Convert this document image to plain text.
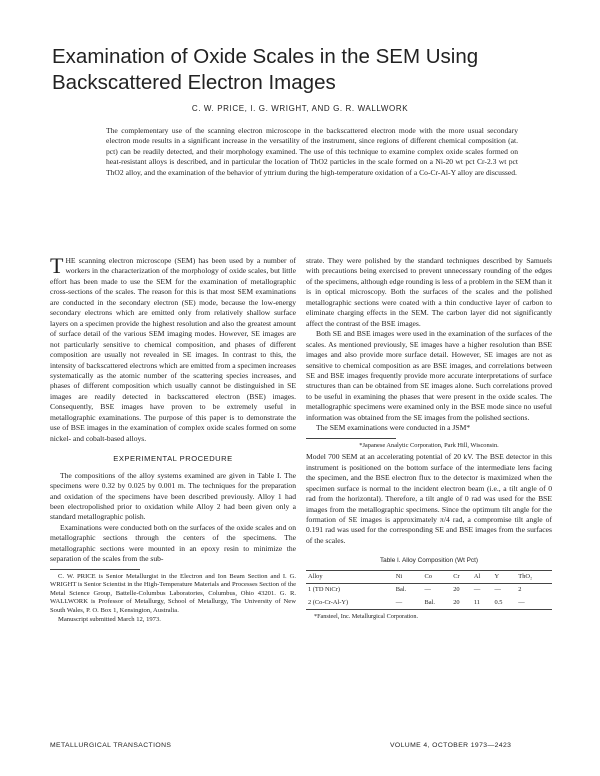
Examination of Oxide Scales in the SEM Using Backscattered Electron Images
C. W. PRICE, I. G. WRIGHT, AND G. R. WALLWORK
The complementary use of the scanning electron microscope in the backscattered electron mode with the more usual secondary electron mode results in a significant increase in the versatility of the instrument, since regions of different chemical composition (at. pct) can be readily detected, and their morphology examined. The use of this technique to examine complex oxide scales formed on heat-resistant alloys is described, and in particular the location of ThO2 particles in the scale formed on a Ni-20 wt pct Cr-2.3 wt pct ThO2 alloy, and the examination of the behavior of yttrium during the high-temperature oxidation of a Co-Cr-Al-Y alloy are discussed.

THE scanning electron microscope (SEM) has been used by a number of workers in the characterization of the morphology of oxide scales, but little effort has been made to use the SEM for the examination of metallographic cross-sections of the scales. The reason for this is that most SEM examinations are conducted in the secondary electron (SE) mode, because the low-energy secondary electrons which are emitted only from relatively shallow surface layers on a specimen provide the highest resolution and also the greatest amount of surface detail of the various SEM imaging modes. However, SE images are not particularly sensitive to chemical composition, and phases of different composition are usually not revealed in SE images. In contrast to this, the intensity of backscattered electrons which are emitted from a specimen increases systematically as the atomic number of the scattering species increases, and phases of different composition which usually cannot be distinguished in SE images are readily detected in backscattered electron (BSE) images. Consequently, BSE images have proven to be extremely useful in metallographic examinations. The purpose of this paper is to demonstrate the use of BSE images in the examination of complex oxide scales formed on some nickel- and cobalt-based alloys.

EXPERIMENTAL PROCEDURE

The compositions of the alloy systems examined are given in Table I. The specimens were 0.32 by 0.025 by 0.001 m. The techniques for the preparation and oxidation of the specimens have been described previously. Alloy 1 had been electropolished prior to oxidation while Alloy 2 had been given only a standard metallographic polish.

Examinations were conducted both on the surfaces of the oxide scales and on metallographic sections through the centers of the specimens. The metallographic sections were mounted in an epoxy resin to minimize the separation of the scales from the sub-

C. W. PRICE is Senior Metallurgist in the Electron and Ion Beam Section and I. G. WRIGHT is Senior Scientist in the High-Temperature Materials and Processes Section of the Metal Science Group, Battelle-Columbus Laboratories, Columbus, Ohio 43201. G. R. WALLWORK is Professor of Metallurgy, School of Metallurgy, The University of New South Wales, P. O. Box 1, Kensington, Australia.
Manuscript submitted March 12, 1973.

strate. They were polished by the standard techniques described by Samuels with precautions being exercised to prevent unnecessary rounding of the edges of the specimens, although edge rounding is less of a problem in the SEM than it is in optical microscopy. Both the surfaces of the scales and the polished metallographic sections were coated with a thin conductive layer of carbon to eliminate charging effects in the SEM. The carbon layer did not significantly affect the contrast of the BSE images.

Both SE and BSE images were used in the examination of the surfaces of the scales. As mentioned previously, SE images have a higher resolution than BSE images and also provide more surface detail. However, SE images are not as sensitive to chemical composition as are BSE images, and correlations between SE and BSE images frequently provide more accurate interpretations of surface structures than can be obtained from SE images alone. Such correlations proved to be useful in examining the phases that were present in the oxide scales. The metallographic specimens were examined only in the BSE mode since no useful information was obtained from the SE images from the polished sections.

The SEM examinations were conducted in a JSM*

*Japanese Analytic Corporation, Park Hill, Wisconsin.

Model 700 SEM at an accelerating potential of 20 kV. The BSE detector in this instrument is positioned on the bottom surface of the intermediate lens facing the specimen, and the BSE electron flux to the detector is maximized when the specimen surface is normal to the incident electron beam (i.e., a tilt angle of 0 rad from the horizontal). Therefore, a tilt angle of 0 rad was used for the BSE images from the metallographic specimens. Since the optimum tilt angle for the formation of SE images is approximately π/4 rad, a compromise tilt angle of 0.191 rad was used for the corresponding SE and BSE images from the surfaces of the scales.

Table I. Alloy Composition (Wt Pct)
Alloy	Ni	Co	Cr	Al	Y	ThO₂
1 (TD NiCr)	Bal.	—	20	—	—	2
2 (Co-Cr-Al-Y)	—	Bal.	20	11	0.5	—
*Fansteel, Inc. Metallurgical Corporation.
METALLURGICAL TRANSACTIONS	VOLUME 4, OCTOBER 1973—2423
